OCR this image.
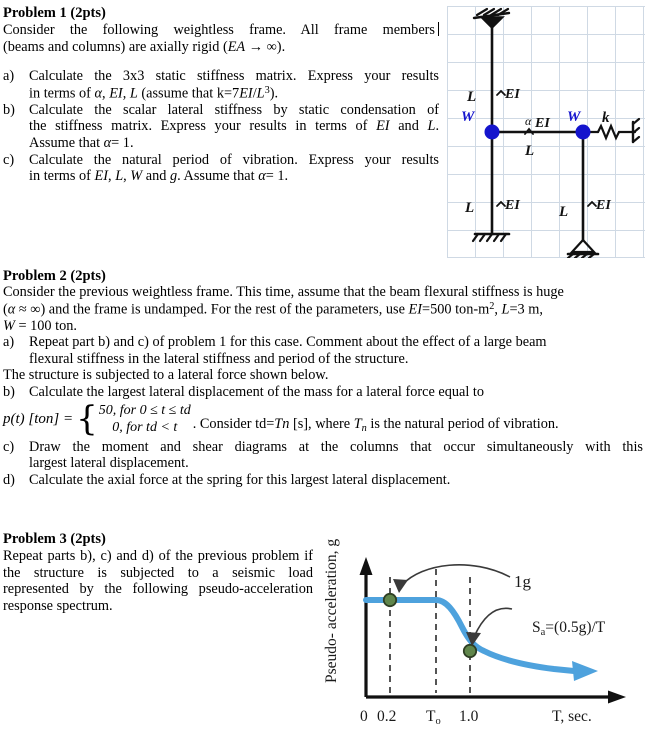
Problem 1 (2pts)
Consider the following weightless frame. All frame members
(beams and columns) are axially rigid (EA → ∞).
a)	Calculate the 3x3 static stiffness matrix. Express your results
in terms of α, EI, L (assume that $k=7EI/L^3$).
b) Calculate the scalar lateral stiffness by static condensation of
the stiffness matrix. Express your results in terms of EI and L.
Assume that α= 1.
c)	Calculate the natural period of vibration. Express your results
in terms of EI, L, W and g. Assume that α= 1.
L EI
L EI	L EI
α EI
L
k
W	W
Problem 2 (2pts)
Consider the previous weightless frame. This time, assume that the beam flexural stiffness is huge
(α ≈ ∞) and the frame is undamped. For the rest of the parameters, use EI=500 ton-$m^2$, L=3 m,
W = 100 ton.
a)	Repeat part b) and c) of problem 1 for this case. Comment about the effect of a large beam
flexural stiffness in the lateral stiffness and period of the structure.
The structure is subjected to a lateral force shown below.
b) Calculate the largest lateral displacement of the mass for a lateral force equal to
p(t) [ton] = { 50, for 0 ≤ t ≤ td
0, for td < t	. Consider td=Tn [s], where $T_n$ is the natural period of vibration.
c)	Draw the moment and shear diagrams at the columns that occur simultaneously with this
largest lateral displacement.
d) Calculate the axial force at the spring for this largest lateral displacement.
Problem 3 (2pts)
Repeat parts b), c) and d) of the previous problem if the structure is subjected to a seismic load represented by the following pseudo-acceleration response spectrum.	Pseudo- acceleration, g	1g
Sa=(0.5g)/T
0 0.2 To 1.0	T, sec.
